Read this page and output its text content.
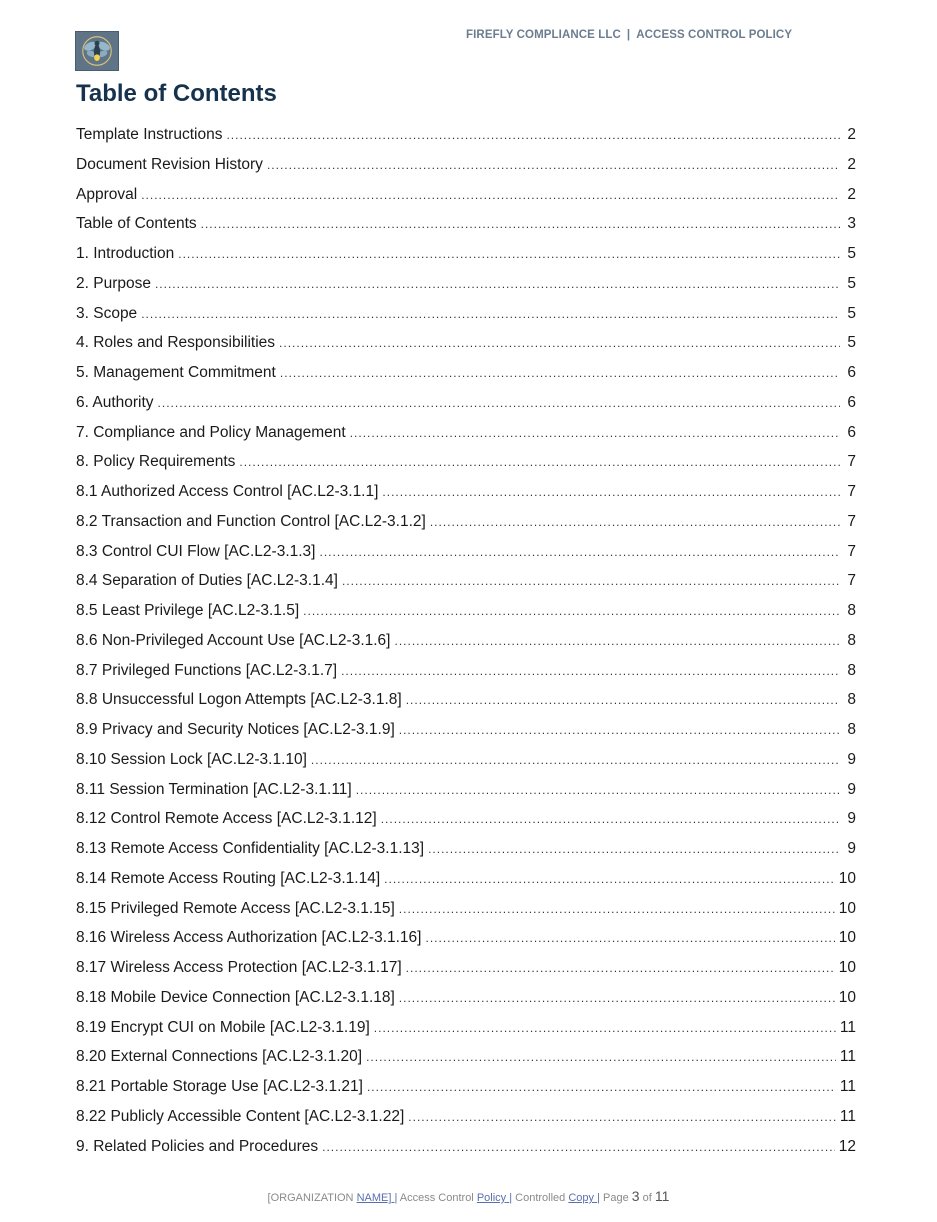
FIREFLY COMPLIANCE LLC | ACCESS CONTROL POLICY
Table of Contents
Template Instructions .....	2
Document Revision History .....	2
Approval .....	2
Table of Contents .....	3
1. Introduction .....	5
2. Purpose .....	5
3. Scope .....	5
4. Roles and Responsibilities .....	5
5. Management Commitment .....	6
6. Authority .....	6
7. Compliance and Policy Management .....	6
8. Policy Requirements .....	7
8.1 Authorized Access Control [AC.L2-3.1.1] .....	7
8.2 Transaction and Function Control [AC.L2-3.1.2] .....	7
8.3 Control CUI Flow [AC.L2-3.1.3] .....	7
8.4 Separation of Duties [AC.L2-3.1.4] .....	7
8.5 Least Privilege [AC.L2-3.1.5] .....	8
8.6 Non-Privileged Account Use [AC.L2-3.1.6] .....	8
8.7 Privileged Functions [AC.L2-3.1.7] .....	8
8.8 Unsuccessful Logon Attempts [AC.L2-3.1.8] .....	8
8.9 Privacy and Security Notices [AC.L2-3.1.9] .....	8
8.10 Session Lock [AC.L2-3.1.10] .....	9
8.11 Session Termination [AC.L2-3.1.11] .....	9
8.12 Control Remote Access [AC.L2-3.1.12] .....	9
8.13 Remote Access Confidentiality [AC.L2-3.1.13] .....	9
8.14 Remote Access Routing [AC.L2-3.1.14] .....	10
8.15 Privileged Remote Access [AC.L2-3.1.15] .....	10
8.16 Wireless Access Authorization [AC.L2-3.1.16] .....	10
8.17 Wireless Access Protection [AC.L2-3.1.17] .....	10
8.18 Mobile Device Connection [AC.L2-3.1.18] .....	10
8.19 Encrypt CUI on Mobile [AC.L2-3.1.19] .....	11
8.20 External Connections [AC.L2-3.1.20] .....	11
8.21 Portable Storage Use [AC.L2-3.1.21] .....	11
8.22 Publicly Accessible Content [AC.L2-3.1.22] .....	11
9. Related Policies and Procedures .....	12
[ORGANIZATION NAME] | Access Control Policy | Controlled Copy | Page 3 of 11
